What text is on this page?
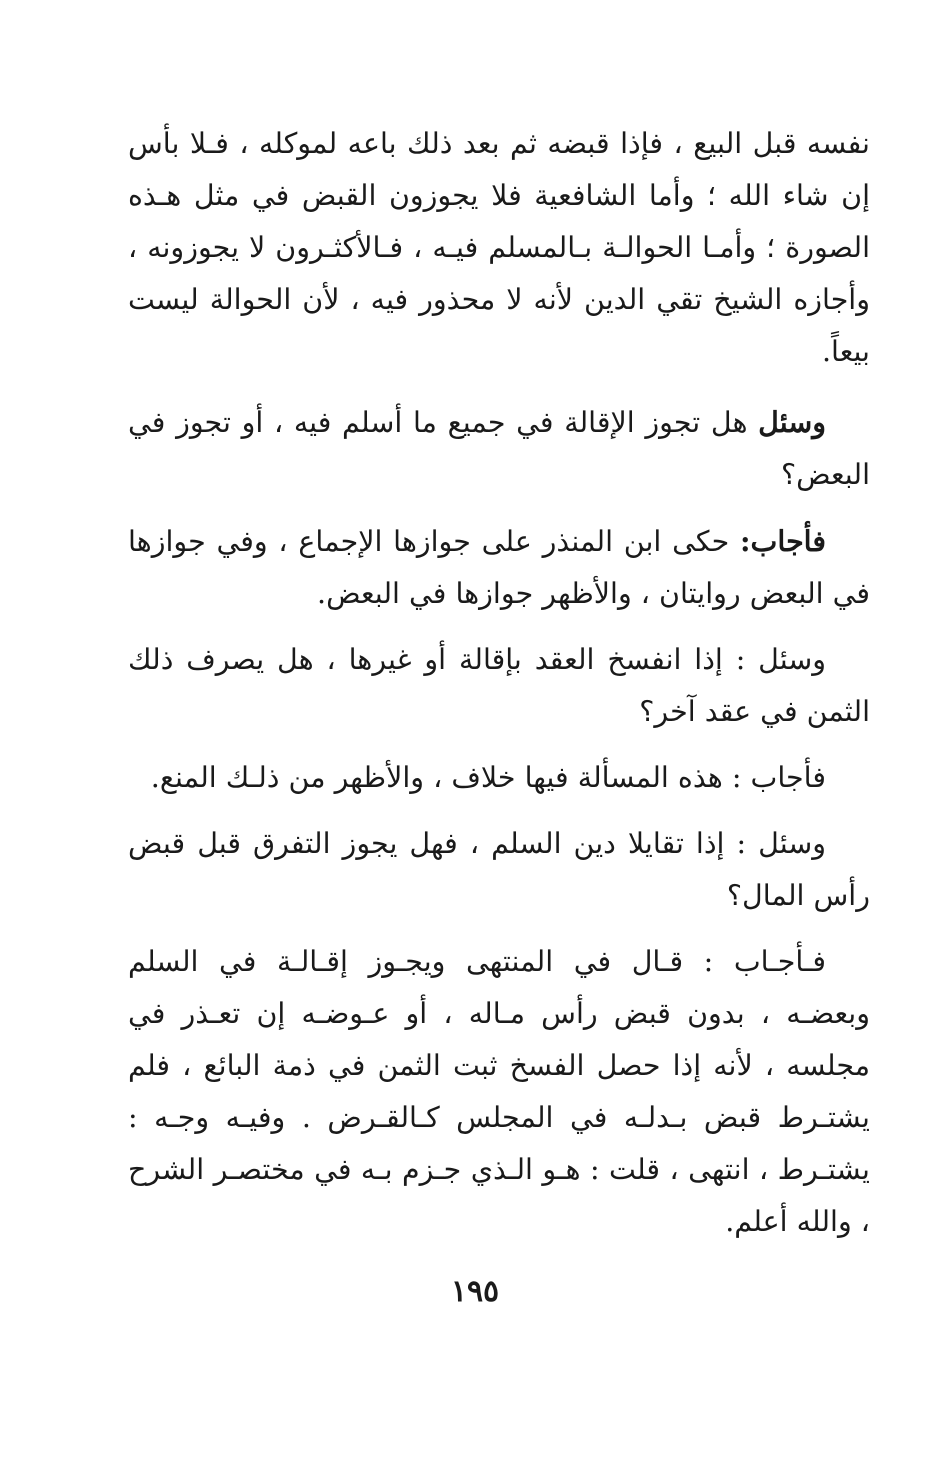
نفسه قبل البيع ، فإذا قبضه ثم بعد ذلك باعه لموكله ، فـلا بأس إن شاء الله ؛ وأما الشافعية فلا يجوزون القبض في مثل هـذه الصورة ؛ وأمـا الحوالـة بـالمسلم فيـه ، فـالأكثـرون لا يجوزونه ، وأجازه الشيخ تقي الدين لأنه لا محذور فيه ، لأن الحوالة ليست بيعاً.

وسئل هل تجوز الإقالة في جميع ما أسلم فيه ، أو تجوز في البعض؟

فأجاب: حكى ابن المنذر على جوازها الإجماع ، وفي جوازها في البعض روايتان ، والأظهر جوازها في البعض.

وسئل : إذا انفسخ العقد بإقالة أو غيرها ، هل يصرف ذلك الثمن في عقد آخر؟

فأجاب : هذه المسألة فيها خلاف ، والأظهر من ذلـك المنع.

وسئل : إذا تقايلا دين السلم ، فهل يجوز التفرق قبل قبض رأس المال؟

فـأجـاب : قـال في المنتهى ويجـوز إقـالـة في السلم وبعضـه ، بدون قبض رأس مـاله ، أو عـوضـه إن تعـذر في مجلسه ، لأنه إذا حصل الفسخ ثبت الثمن في ذمة البائع ، فلم يشتـرط قبض بـدلـه في المجلس كـالقـرض . وفيـه وجـه : يشتـرط ، انتهى ، قلت : هـو الـذي جـزم بـه في مختصـر الشرح ، والله أعلم.

١٩٥
